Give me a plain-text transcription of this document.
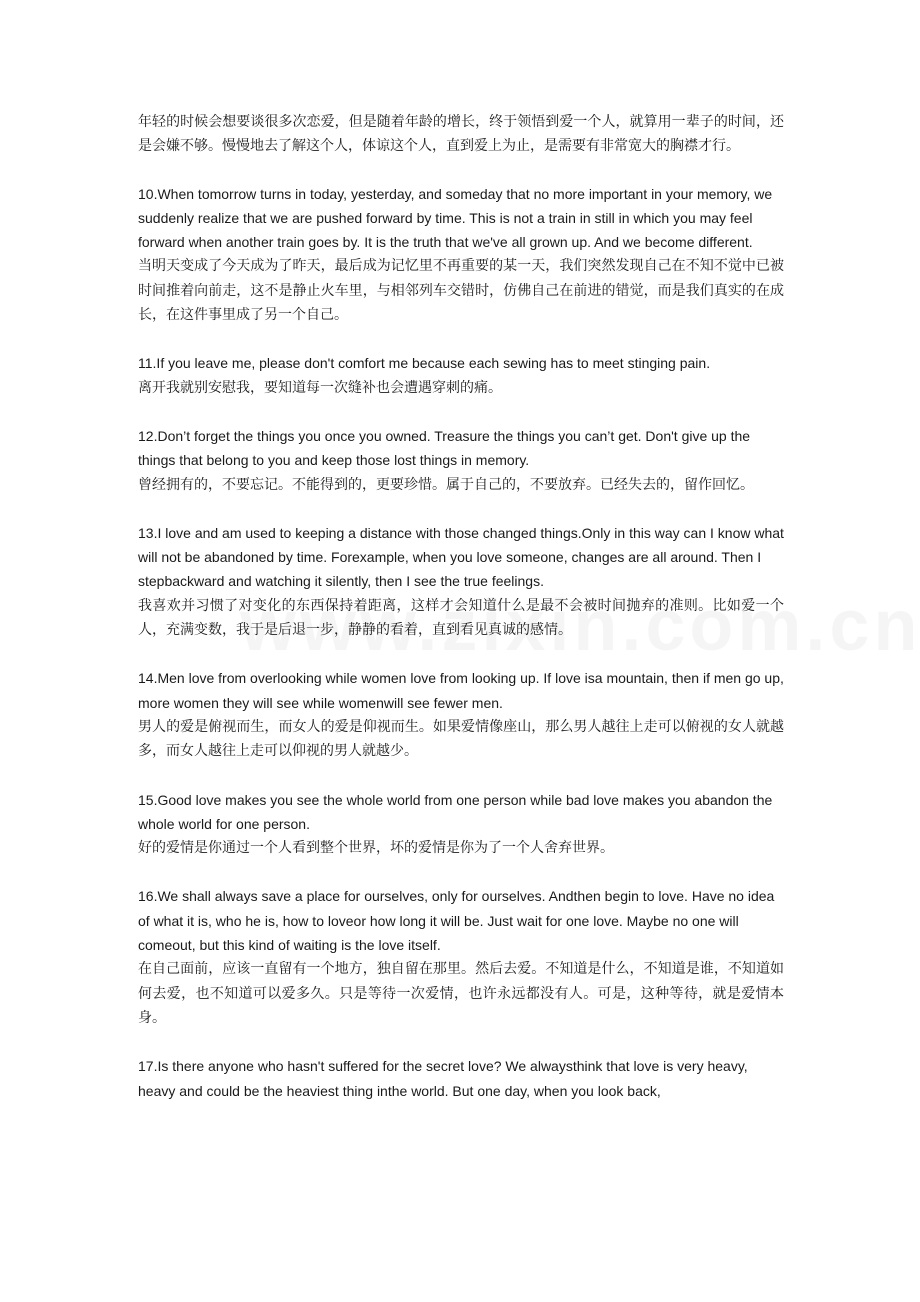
年轻的时候会想要谈很多次恋爱，但是随着年龄的增长，终于领悟到爱一个人，就算用一辈子的时间，还是会嫌不够。慢慢地去了解这个人，体谅这个人，直到爱上为止，是需要有非常宽大的胸襟才行。

10.When tomorrow turns in today, yesterday, and someday that no more important in your memory, we suddenly realize that we are pushed forward by time. This is not a train in still in which you may feel forward when another train goes by. It is the truth that we've all grown up. And we become different.

当明天变成了今天成为了昨天，最后成为记忆里不再重要的某一天，我们突然发现自己在不知不觉中已被时间推着向前走，这不是静止火车里，与相邻列车交错时，仿佛自己在前进的错觉，而是我们真实的在成长，在这件事里成了另一个自己。

11.If you leave me, please don't comfort me because each sewing has to meet stinging pain.

离开我就别安慰我，要知道每一次缝补也会遭遇穿刺的痛。

12.Don’t forget the things you once you owned. Treasure the things you can’t get. Don't give up the things that belong to you and keep those lost things in memory.

曾经拥有的，不要忘记。不能得到的，更要珍惜。属于自己的，不要放弃。已经失去的，留作回忆。

13.I love and am used to keeping a distance with those changed things.Only in this way can I know what will not be abandoned by time. Forexample, when you love someone, changes are all around. Then I stepbackward and watching it silently, then I see the true feelings.

我喜欢并习惯了对变化的东西保持着距离，这样才会知道什么是最不会被时间抛弃的准则。比如爱一个人，充满变数，我于是后退一步，静静的看着，直到看见真诚的感情。

14.Men love from overlooking while women love from looking up. If love isa mountain, then if men go up, more women they will see while womenwill see fewer men.

男人的爱是俯视而生，而女人的爱是仰视而生。如果爱情像座山，那么男人越往上走可以俯视的女人就越多，而女人越往上走可以仰视的男人就越少。

15.Good love makes you see the whole world from one person while bad love makes you abandon the whole world for one person.

好的爱情是你通过一个人看到整个世界，坏的爱情是你为了一个人舍弃世界。

16.We shall always save a place for ourselves, only for ourselves. Andthen begin to love. Have no idea of what it is, who he is, how to loveor how long it will be. Just wait for one love. Maybe no one will comeout, but this kind of waiting is the love itself.

在自己面前，应该一直留有一个地方，独自留在那里。然后去爱。不知道是什么，不知道是谁，不知道如何去爱，也不知道可以爱多久。只是等待一次爱情，也许永远都没有人。可是，这种等待，就是爱情本身。

17.Is there anyone who hasn't suffered for the secret love? We alwaysthink that love is very heavy, heavy and could be the heaviest thing inthe world. But one day, when you look back,
